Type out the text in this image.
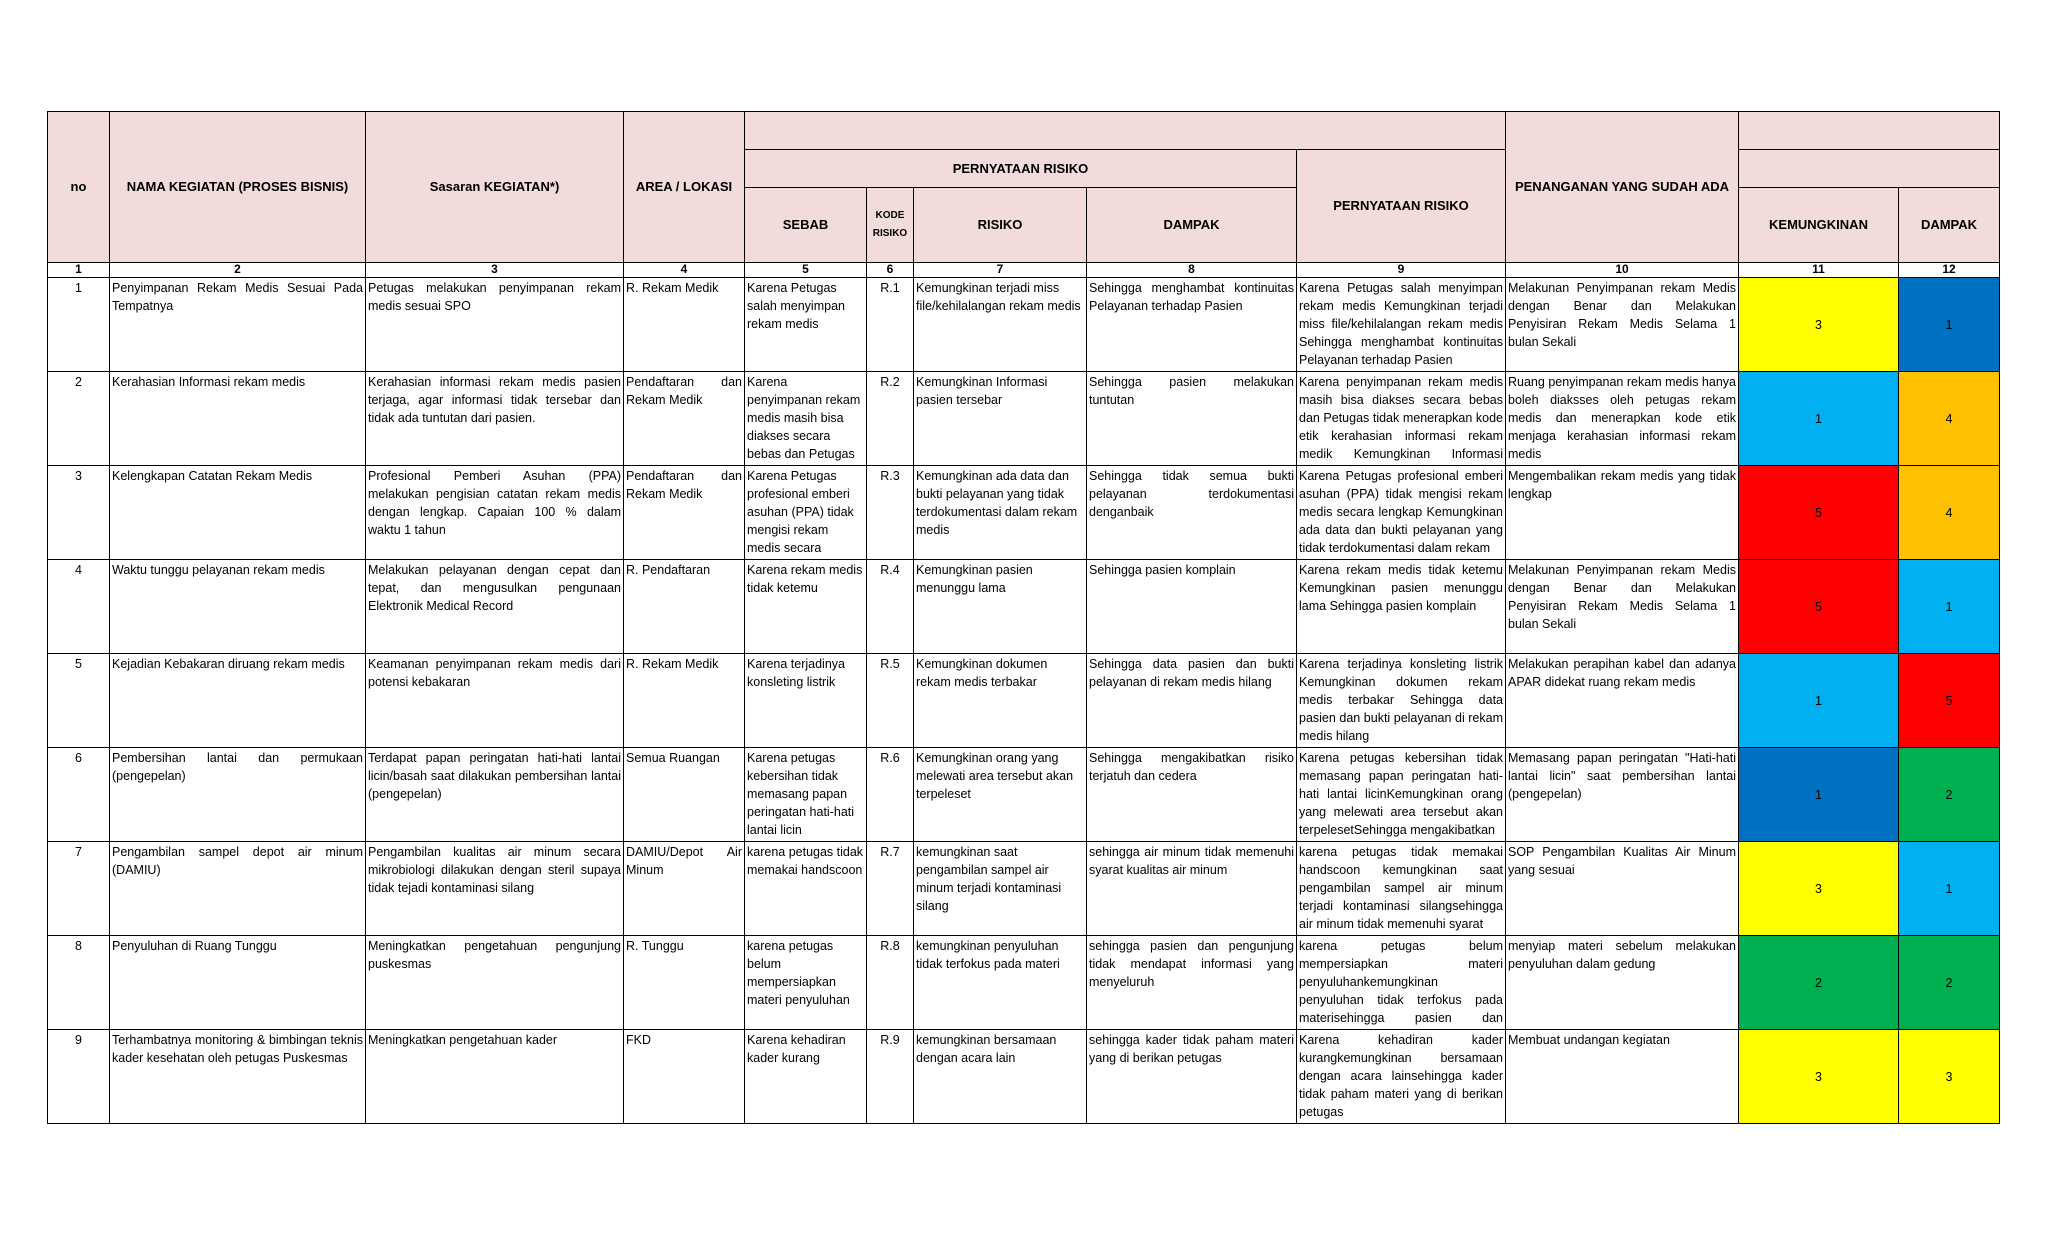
no	NAMA KEGIATAN (PROSES BISNIS)	Sasaran KEGIATAN*)	AREA / LOKASI						PENANGANAN YANG SUDAH ADA		
				PERNYATAAN RISIKO				PERNYATAAN RISIKO			
				SEBAB	KODE RISIKO	RISIKO	DAMPAK			KEMUNGKINAN	DAMPAK
1	2	3	4	5	6	7	8	9	10	11	12
1	Penyimpanan Rekam Medis Sesuai Pada Tempatnya	Petugas melakukan penyimpanan rekam medis sesuai SPO	R. Rekam Medik	Karena Petugas salah menyimpan rekam medis	R.1	Kemungkinan terjadi miss file/kehilalangan rekam medis	Sehingga menghambat kontinuitas Pelayanan terhadap Pasien	Karena Petugas salah menyimpan rekam medis Kemungkinan terjadi miss file/kehilalangan rekam medis Sehingga menghambat kontinuitas Pelayanan terhadap Pasien	Melakunan Penyimpanan rekam Medis dengan Benar dan Melakukan Penyisiran Rekam Medis Selama 1 bulan Sekali	3	1
2	Kerahasian Informasi rekam medis	Kerahasian informasi rekam medis pasien terjaga, agar informasi tidak tersebar dan tidak ada tuntutan dari pasien.	Pendaftaran dan Rekam Medik	Karena penyimpanan rekam medis masih bisa diakses secara bebas dan Petugas	R.2	Kemungkinan Informasi pasien tersebar	Sehingga pasien melakukan tuntutan	Karena penyimpanan rekam medis masih bisa diakses secara bebas dan Petugas tidak menerapkan kode etik kerahasian informasi rekam medik Kemungkinan Informasi	Ruang penyimpanan rekam medis hanya boleh diaksses oleh petugas rekam medis dan menerapkan kode etik menjaga kerahasian informasi rekam medis	1	4
3	Kelengkapan Catatan Rekam Medis	Profesional Pemberi Asuhan (PPA) melakukan pengisian catatan rekam medis dengan lengkap. Capaian 100 % dalam waktu 1 tahun	Pendaftaran dan Rekam Medik	Karena Petugas profesional emberi asuhan (PPA) tidak mengisi rekam medis secara	R.3	Kemungkinan ada data dan bukti pelayanan yang tidak terdokumentasi dalam rekam medis	Sehingga tidak semua bukti pelayanan terdokumentasi denganbaik	Karena Petugas profesional emberi asuhan (PPA) tidak mengisi rekam medis secara lengkap Kemungkinan ada data dan bukti pelayanan yang tidak terdokumentasi dalam rekam	Mengembalikan rekam medis yang tidak lengkap	5	4
4	Waktu tunggu pelayanan rekam medis	Melakukan pelayanan dengan cepat dan tepat, dan mengusulkan pengunaan Elektronik Medical Record	R. Pendaftaran	Karena rekam medis tidak ketemu	R.4	Kemungkinan pasien menunggu lama	Sehingga pasien komplain	Karena rekam medis tidak ketemu Kemungkinan pasien menunggu lama Sehingga pasien komplain	Melakunan Penyimpanan rekam Medis dengan Benar dan Melakukan Penyisiran Rekam Medis Selama 1 bulan Sekali	5	1
5	Kejadian Kebakaran diruang rekam medis	Keamanan penyimpanan rekam medis dari potensi kebakaran	R. Rekam Medik	Karena terjadinya konsleting listrik	R.5	Kemungkinan dokumen rekam medis terbakar	Sehingga data pasien dan bukti pelayanan di rekam medis hilang	Karena terjadinya konsleting listrik Kemungkinan dokumen rekam medis terbakar Sehingga data pasien dan bukti pelayanan di rekam medis hilang	Melakukan perapihan kabel dan adanya APAR didekat ruang rekam medis	1	5
6	Pembersihan lantai dan permukaan (pengepelan)	Terdapat papan peringatan hati-hati lantai licin/basah saat dilakukan pembersihan lantai (pengepelan)	Semua Ruangan	Karena petugas kebersihan tidak memasang papan peringatan hati-hati lantai licin	R.6	Kemungkinan orang yang melewati area tersebut akan terpeleset	Sehingga mengakibatkan risiko terjatuh dan cedera	Karena petugas kebersihan tidak memasang papan peringatan hati-hati lantai licinKemungkinan orang yang melewati area tersebut akan terpelesetSehingga mengakibatkan	Memasang papan peringatan "Hati-hati lantai licin" saat pembersihan lantai (pengepelan)	1	2
7	Pengambilan sampel depot air minum (DAMIU)	Pengambilan kualitas air minum secara mikrobiologi dilakukan dengan steril supaya tidak tejadi kontaminasi silang	DAMIU/Depot Air Minum	karena petugas tidak memakai handscoon	R.7	kemungkinan saat pengambilan sampel air minum terjadi kontaminasi silang	sehingga air minum tidak memenuhi syarat kualitas air minum	karena petugas tidak memakai handscoon kemungkinan saat pengambilan sampel air minum terjadi kontaminasi silangsehingga air minum tidak memenuhi syarat	SOP Pengambilan Kualitas Air Minum yang sesuai	3	1
8	Penyuluhan di Ruang Tunggu	Meningkatkan pengetahuan pengunjung puskesmas	R. Tunggu	karena petugas belum mempersiapkan materi penyuluhan	R.8	kemungkinan penyuluhan tidak terfokus pada materi	sehingga pasien dan pengunjung tidak mendapat informasi yang menyeluruh	karena petugas belum mempersiapkan materi penyuluhankemungkinan penyuluhan tidak terfokus pada materisehingga pasien dan	menyiap materi sebelum melakukan penyuluhan dalam gedung	2	2
9	Terhambatnya monitoring & bimbingan teknis kader kesehatan oleh petugas Puskesmas	Meningkatkan pengetahuan kader	FKD	Karena kehadiran kader kurang	R.9	kemungkinan bersamaan dengan acara lain	sehingga kader tidak paham materi yang di berikan petugas	Karena kehadiran kader kurangkemungkinan bersamaan dengan acara lainsehingga kader tidak paham materi yang di berikan petugas	Membuat undangan kegiatan	3	3
